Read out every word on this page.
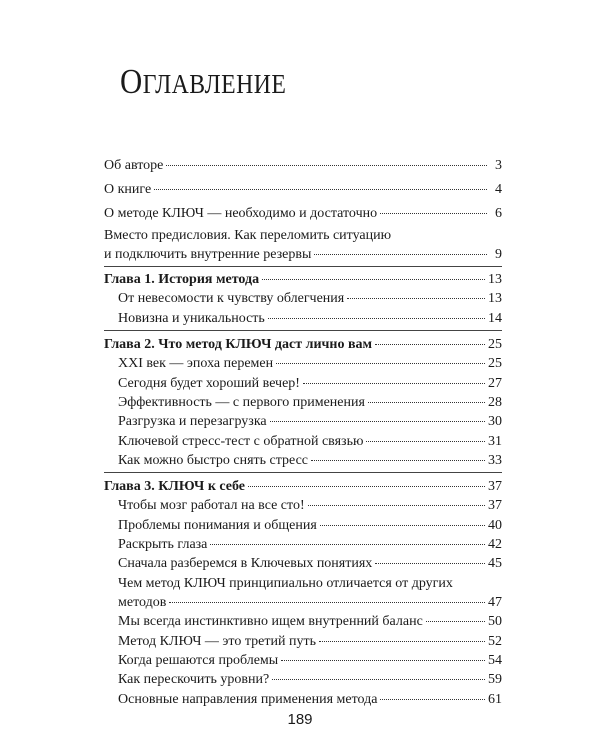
ОГЛАВЛЕНИЕ
Об авторе	3
О книге	4
О методе КЛЮЧ — необходимо и достаточно	6
Вместо предисловия. Как переломить ситуацию
и подключить внутренние резервы	9
Глава 1. История метода	13
От невесомости к чувству облегчения	13
Новизна и уникальность	14
Глава 2. Что метод КЛЮЧ даст лично вам	25
XXI век — эпоха перемен	25
Сегодня будет хороший вечер!	27
Эффективность — с первого применения	28
Разгрузка и перезагрузка	30
Ключевой стресс-тест с обратной связью	31
Как можно быстро снять стресс	33
Глава 3. КЛЮЧ к себе	37
Чтобы мозг работал на все сто!	37
Проблемы понимания и общения	40
Раскрыть глаза	42
Сначала разберемся в Ключевых понятиях	45
Чем метод КЛЮЧ принципиально отличается от других
методов	47
Мы всегда инстинктивно ищем внутренний баланс	50
Метод КЛЮЧ — это третий путь	52
Когда решаются проблемы	54
Как перескочить уровни?	59
Основные направления применения метода	61
189
